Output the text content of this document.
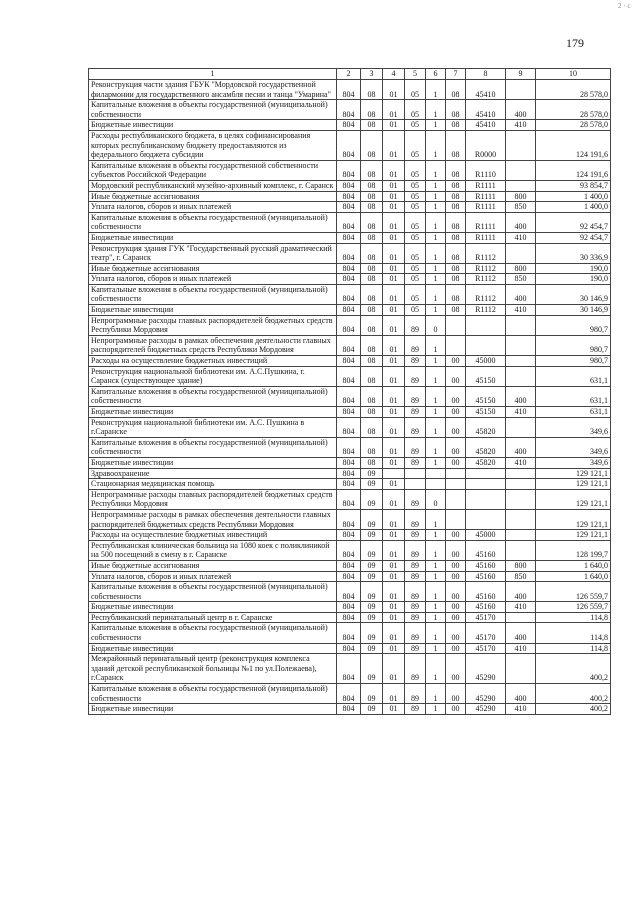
179
2 · c
1	2	3	4	5	6	7	8	9	10
Реконструкция части здания ГБУК "Мордовской государственной филармонии для государственного ансамбля песни и танца "Умарина"	804	08	01	05	1	08	45410		28 578,0
Капитальные вложения в объекты государственной (муниципальной) собственности	804	08	01	05	1	08	45410	400	28 578,0
Бюджетные инвестиции	804	08	01	05	1	08	45410	410	28 578,0
Расходы республиканского бюджета, в целях софинансирования которых республиканскому бюджету предоставляются из федерального бюджета субсидии	804	08	01	05	1	08	R0000		124 191,6
Капитальные вложения в объекты государственной собственности субъектов Российской Федерации	804	08	01	05	1	08	R1110		124 191,6
Мордовский республиканский музейно-архивный комплекс, г. Саранск	804	08	01	05	1	08	R1111		93 854,7
Иные бюджетные ассигнования	804	08	01	05	1	08	R1111	800	1 400,0
Уплата налогов, сборов и иных платежей	804	08	01	05	1	08	R1111	850	1 400,0
Капитальные вложения в объекты государственной (муниципальной) собственности	804	08	01	05	1	08	R1111	400	92 454,7
Бюджетные инвестиции	804	08	01	05	1	08	R1111	410	92 454,7
Реконструкция здания ГУК "Государственный русский драматический театр", г. Саранск	804	08	01	05	1	08	R1112		30 336,9
Иные бюджетные ассигнования	804	08	01	05	1	08	R1112	800	190,0
Уплата налогов, сборов и иных платежей	804	08	01	05	1	08	R1112	850	190,0
Капитальные вложения в объекты государственной (муниципальной) собственности	804	08	01	05	1	08	R1112	400	30 146,9
Бюджетные инвестиции	804	08	01	05	1	08	R1112	410	30 146,9
Непрограммные расходы главных распорядителей бюджетных средств Республики Мордовия	804	08	01	89	0				980,7
Непрограммные расходы в рамках обеспечения деятельности главных распорядителей бюджетных средств Республики Мордовия	804	08	01	89	1				980,7
Расходы на осуществление бюджетных инвестиций	804	08	01	89	1	00	45000		980,7
Реконструкция национальной библиотеки им. А.С.Пушкина, г. Саранск (существующее здание)	804	08	01	89	1	00	45150		631,1
Капитальные вложения в объекты государственной (муниципальной) собственности	804	08	01	89	1	00	45150	400	631,1
Бюджетные инвестиции	804	08	01	89	1	00	45150	410	631,1
Реконструкция национальной библиотеки им. А.С. Пушкина в г.Саранске	804	08	01	89	1	00	45820		349,6
Капитальные вложения в объекты государственной (муниципальной) собственности	804	08	01	89	1	00	45820	400	349,6
Бюджетные инвестиции	804	08	01	89	1	00	45820	410	349,6
Здравоохранение	804	09							129 121,1
Стационарная медицинская помощь	804	09	01						129 121,1
Непрограммные расходы главных распорядителей бюджетных средств Республики Мордовия	804	09	01	89	0				129 121,1
Непрограммные расходы в рамках обеспечения деятельности главных распорядителей бюджетных средств Республики Мордовия	804	09	01	89	1				129 121,1
Расходы на осуществление бюджетных инвестиций	804	09	01	89	1	00	45000		129 121,1
Республиканская клиническая больница на 1080 коек с поликлиникой на 500 посещений в смену в г. Саранске	804	09	01	89	1	00	45160		128 199,7
Иные бюджетные ассигнования	804	09	01	89	1	00	45160	800	1 640,0
Уплата налогов, сборов и иных платежей	804	09	01	89	1	00	45160	850	1 640,0
Капитальные вложения в объекты государственной (муниципальной) собственности	804	09	01	89	1	00	45160	400	126 559,7
Бюджетные инвестиции	804	09	01	89	1	00	45160	410	126 559,7
Республиканский перинатальный центр в г. Саранске	804	09	01	89	1	00	45170		114,8
Капитальные вложения в объекты государственной (муниципальной) собственности	804	09	01	89	1	00	45170	400	114,8
Бюджетные инвестиции	804	09	01	89	1	00	45170	410	114,8
Межрайонный перинатальный центр (реконструкция комплекса зданий детской республиканской больницы №1 по ул.Полежаева), г.Саранск	804	09	01	89	1	00	45290		400,2
Капитальные вложения в объекты государственной (муниципальной) собственности	804	09	01	89	1	00	45290	400	400,2
Бюджетные инвестиции	804	09	01	89	1	00	45290	410	400,2
